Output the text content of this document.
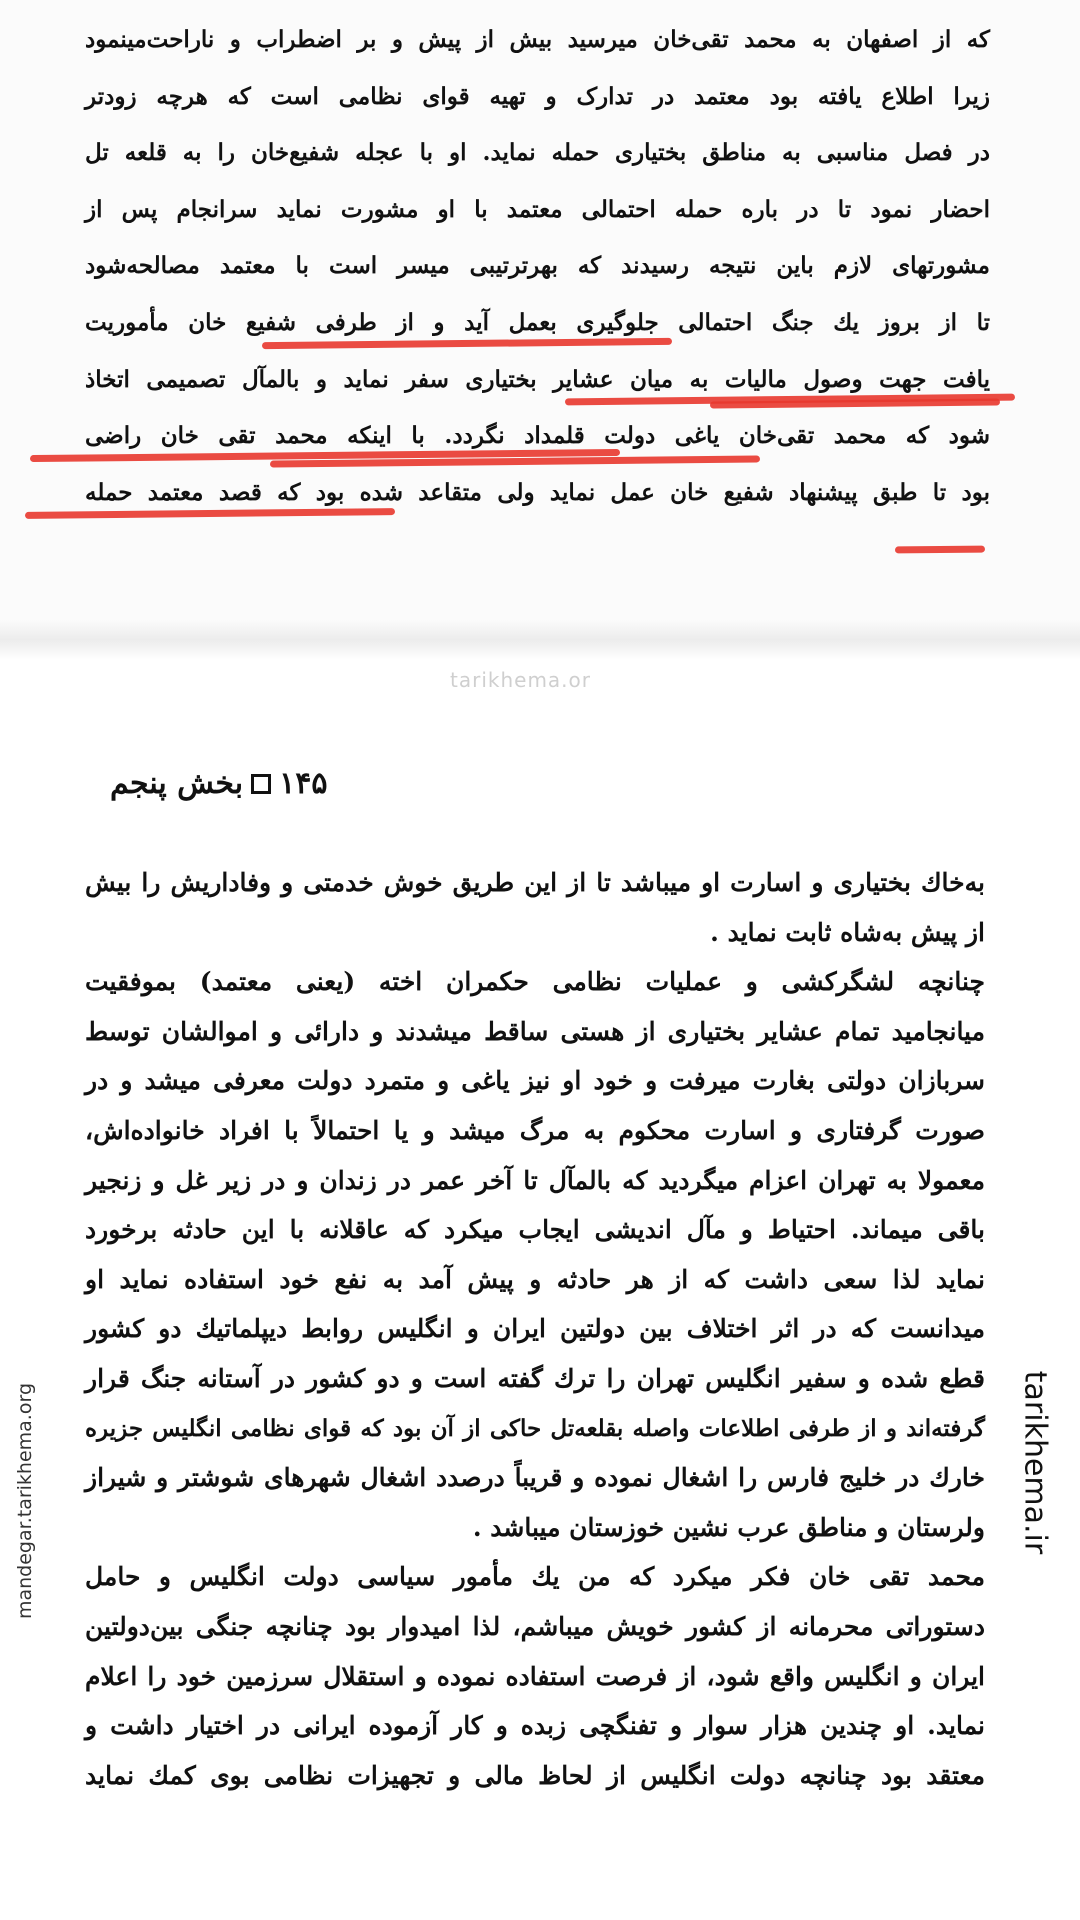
که از اصفهان به محمد تقی‌خان میرسید بیش از پیش و بر اضطراب و ناراحت‌مینمود
زیرا اطلاع یافته بود معتمد در تدارک و تهیه قوای نظامی است که هرچه زودتر
در فصل مناسبی به مناطق بختیاری حمله نماید. او با عجله شفیع‌خان را به قلعه تل
احضار نمود تا در باره حمله احتمالی معتمد با او مشورت نماید سرانجام پس از
مشورتهای لازم باین نتیجه رسیدند که بهرترتیبی میسر است با معتمد مصالحه‌شود
تا از بروز یك جنگ احتمالی جلوگیری بعمل آید و از طرفی شفیع خان مأموریت
یافت جهت وصول مالیات به میان عشایر بختیاری سفر نماید و بالمآل تصمیمی اتخاذ
شود که محمد تقی‌خان یاغی دولت قلمداد نگردد. با اینکه محمد تقی خان راضی
بود تا طبق پیشنهاد شفیع خان عمل نماید ولی متقاعد شده بود که قصد معتمد حمله
tarikhema.or
۱۴۵
بخش پنجم
به‌خاك بختیاری و اسارت او میباشد تا از این طریق خوش خدمتی و وفاداریش را بیش
از پیش به‌شاه ثابت نماید .
چنانچه لشگرکشی و عملیات نظامی حکمران اخته (یعنی معتمد) بموفقیت
میانجامید تمام عشایر بختیاری از هستی ساقط میشدند و دارائی و اموالشان توسط
سربازان دولتی بغارت میرفت و خود او نیز یاغی و متمرد دولت معرفی میشد و در
صورت گرفتاری و اسارت محکوم به مرگ میشد و یا احتمالاً با افراد خانواده‌اش،
معمولا به تهران اعزام میگردید که بالمآل تا آخر عمر در زندان و در زیر غل و زنجیر
باقی میماند. احتیاط و مآل اندیشی ایجاب میکرد که عاقلانه با این حادثه برخورد
نماید لذا سعی داشت که از هر حادثه و پیش آمد به نفع خود استفاده نماید او
میدانست که در اثر اختلاف بین دولتین ایران و انگلیس روابط دیپلماتیك دو کشور
قطع شده و سفیر انگلیس تهران را ترك گفته است و دو کشور در آستانه جنگ قرار
گرفته‌اند و از طرفی اطلاعات واصله بقلعه‌تل حاکی از آن بود که قوای نظامی انگلیس جزیره
خارك در خلیج فارس را اشغال نموده و قریباً درصدد اشغال شهرهای شوشتر و شیراز
ولرستان و مناطق عرب نشین خوزستان میباشد .
محمد تقی خان فکر میکرد که من یك مأمور سیاسی دولت انگلیس و حامل
دستوراتی محرمانه از کشور خویش میباشم، لذا امیدوار بود چنانچه جنگی بین‌دولتین
ایران و انگلیس واقع شود، از فرصت استفاده نموده و استقلال سرزمین خود را اعلام
نماید. او چندین هزار سوار و تفنگچی زبده و کار آزموده ایرانی در اختیار داشت و
معتقد بود چنانچه دولت انگلیس از لحاظ مالی و تجهیزات نظامی بوی کمك نماید
mandegar.tarikhema.org	tarikhema.ir
